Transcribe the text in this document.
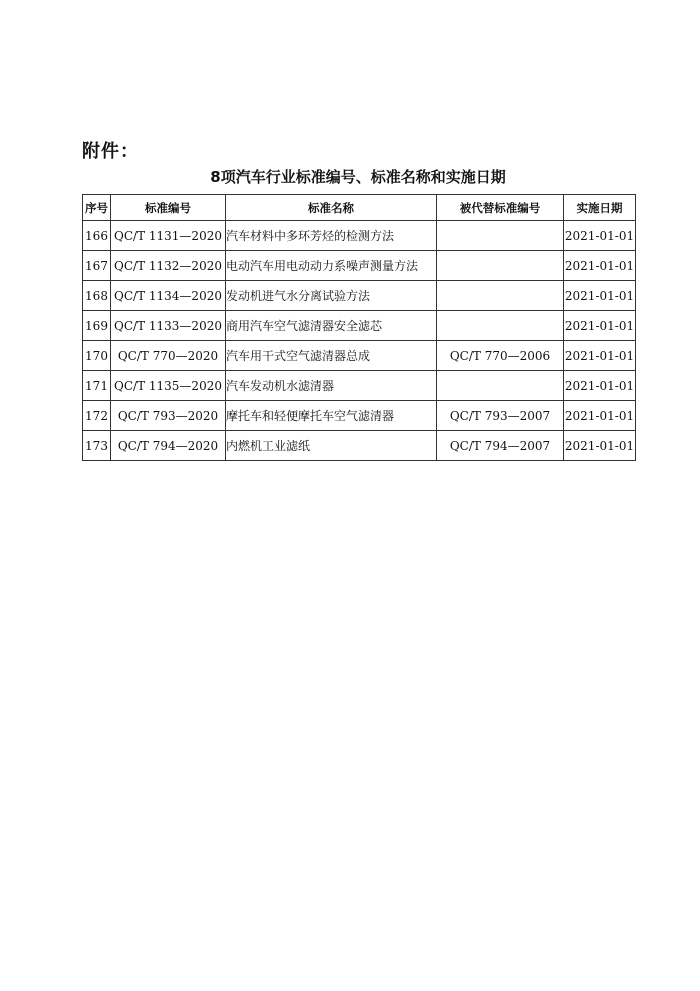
附件：
8项汽车行业标准编号、标准名称和实施日期
序号	标准编号	标准名称	被代替标准编号	实施日期
166	QC/T 1131—2020	汽车材料中多环芳烃的检测方法		2021-01-01
167	QC/T 1132—2020	电动汽车用电动动力系噪声测量方法		2021-01-01
168	QC/T 1134—2020	发动机进气水分离试验方法		2021-01-01
169	QC/T 1133—2020	商用汽车空气滤清器安全滤芯		2021-01-01
170	QC/T 770—2020	汽车用干式空气滤清器总成	QC/T 770—2006	2021-01-01
171	QC/T 1135—2020	汽车发动机水滤清器		2021-01-01
172	QC/T 793—2020	摩托车和轻便摩托车空气滤清器	QC/T 793—2007	2021-01-01
173	QC/T 794—2020	内燃机工业滤纸	QC/T 794—2007	2021-01-01
